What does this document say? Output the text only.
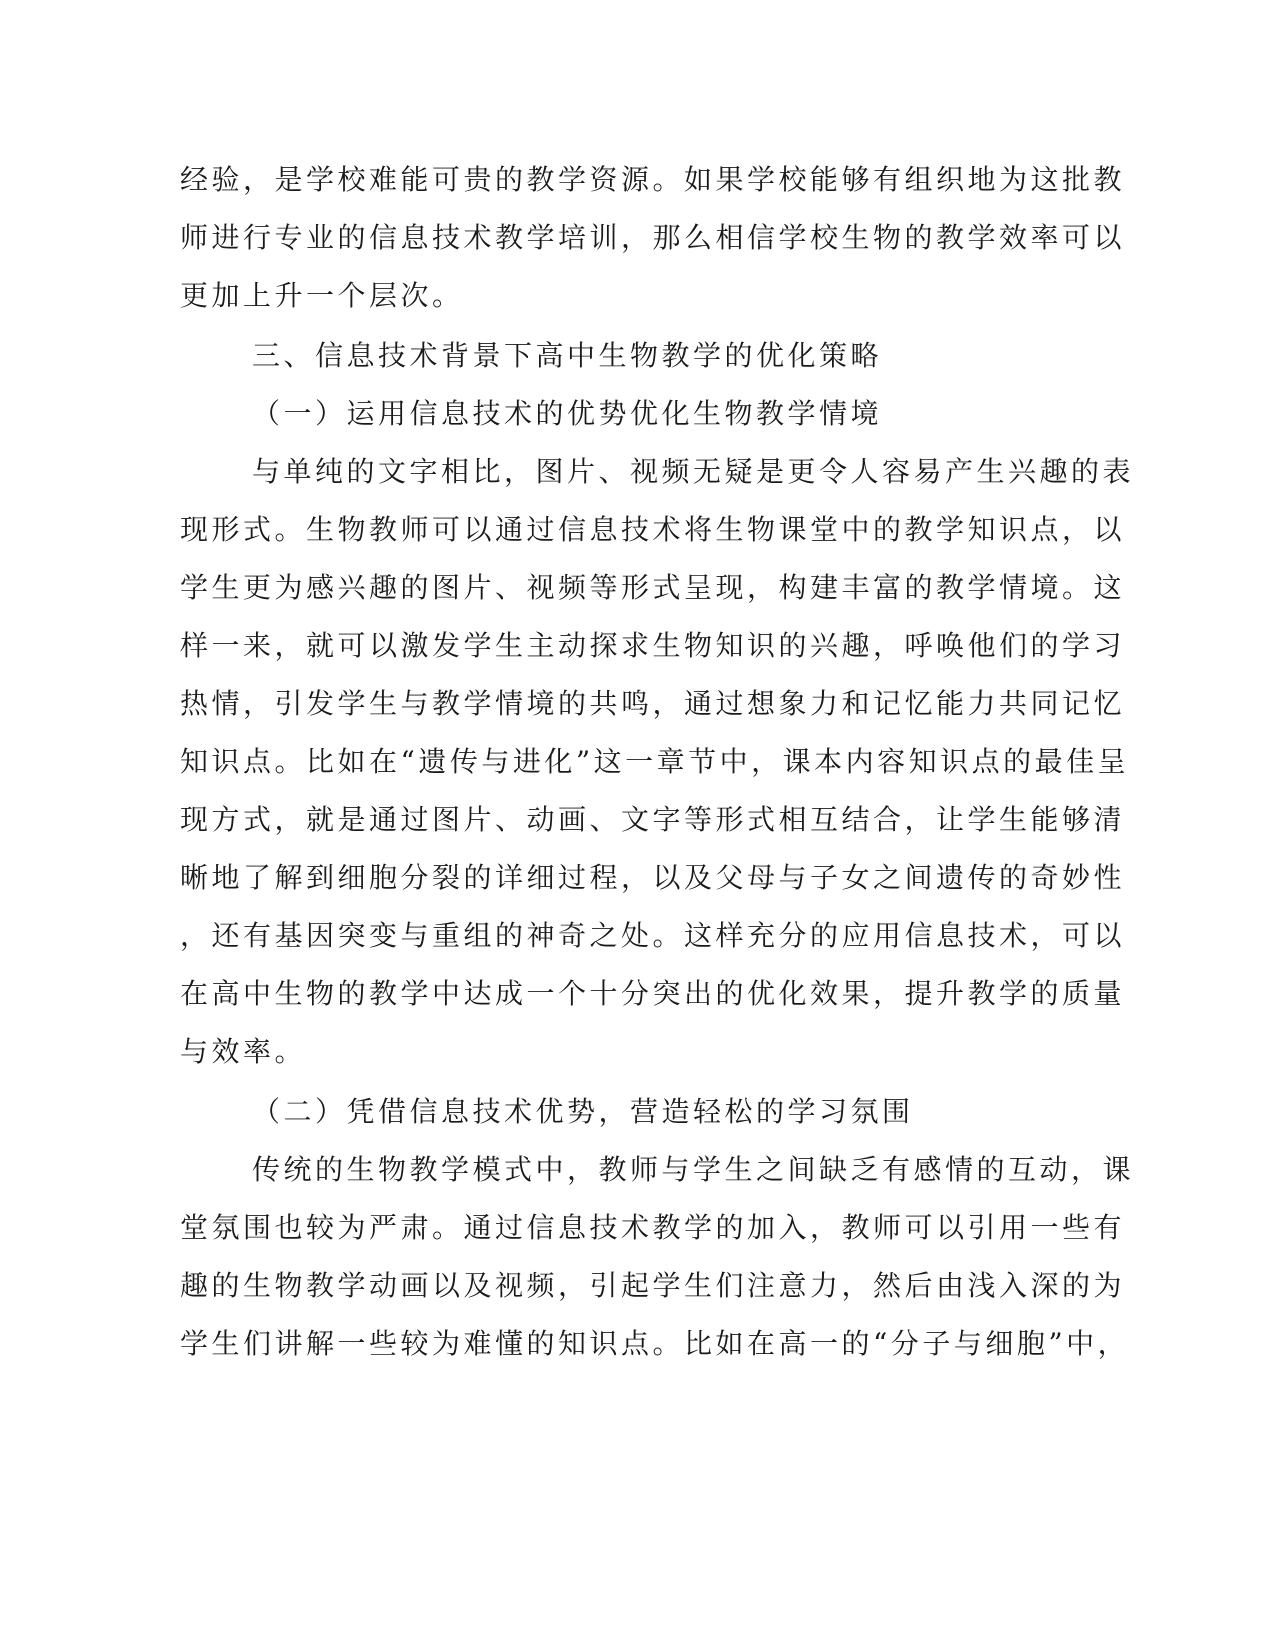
经验，是学校难能可贵的教学资源。如果学校能够有组织地为这批教
师进行专业的信息技术教学培训，那么相信学校生物的教学效率可以
更加上升一个层次。
三、信息技术背景下高中生物教学的优化策略
（一）运用信息技术的优势优化生物教学情境
与单纯的文字相比，图片、视频无疑是更令人容易产生兴趣的表
现形式。生物教师可以通过信息技术将生物课堂中的教学知识点，以
学生更为感兴趣的图片、视频等形式呈现，构建丰富的教学情境。这
样一来，就可以激发学生主动探求生物知识的兴趣，呼唤他们的学习
热情，引发学生与教学情境的共鸣，通过想象力和记忆能力共同记忆
知识点。比如在“遗传与进化”这一章节中，课本内容知识点的最佳呈
现方式，就是通过图片、动画、文字等形式相互结合，让学生能够清
晰地了解到细胞分裂的详细过程，以及父母与子女之间遗传的奇妙性
，还有基因突变与重组的神奇之处。这样充分的应用信息技术，可以
在高中生物的教学中达成一个十分突出的优化效果，提升教学的质量
与效率。
（二）凭借信息技术优势，营造轻松的学习氛围
传统的生物教学模式中，教师与学生之间缺乏有感情的互动，课
堂氛围也较为严肃。通过信息技术教学的加入，教师可以引用一些有
趣的生物教学动画以及视频，引起学生们注意力，然后由浅入深的为
学生们讲解一些较为难懂的知识点。比如在高一的“分子与细胞”中，
